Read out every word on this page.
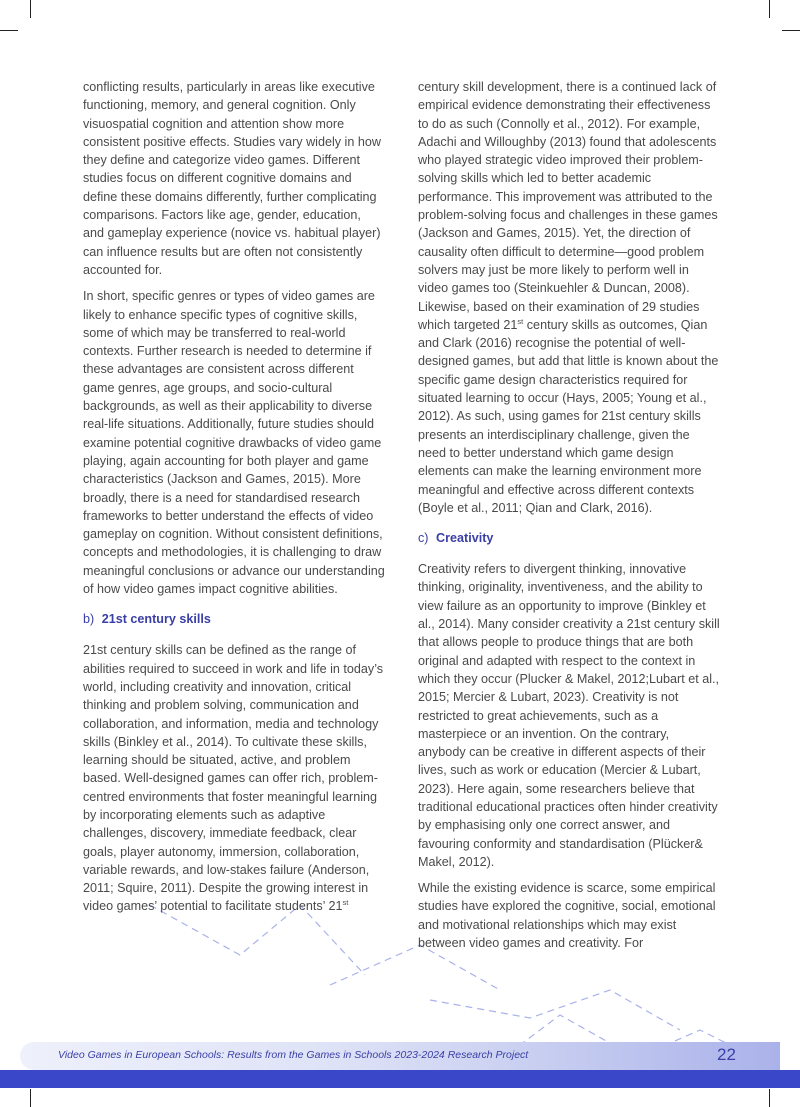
conflicting results, particularly in areas like executive functioning, memory, and general cognition. Only visuospatial cognition and attention show more consistent positive effects. Studies vary widely in how they define and categorize video games. Different studies focus on different cognitive domains and define these domains differently, further complicating comparisons. Factors like age, gender, education, and gameplay experience (novice vs. habitual player) can influence results but are often not consistently accounted for.

In short, specific genres or types of video games are likely to enhance specific types of cognitive skills, some of which may be transferred to real-world contexts. Further research is needed to determine if these advantages are consistent across different game genres, age groups, and socio-cultural backgrounds, as well as their applicability to diverse real-life situations. Additionally, future studies should examine potential cognitive drawbacks of video game playing, again accounting for both player and game characteristics (Jackson and Games, 2015). More broadly, there is a need for standardised research frameworks to better understand the effects of video gameplay on cognition. Without consistent definitions, concepts and methodologies, it is challenging to draw meaningful conclusions or advance our understanding of how video games impact cognitive abilities.

b) 21st century skills

21st century skills can be defined as the range of abilities required to succeed in work and life in today’s world, including creativity and innovation, critical thinking and problem solving, communication and collaboration, and information, media and technology skills (Binkley et al., 2014). To cultivate these skills, learning should be situated, active, and problem based. Well-designed games can offer rich, problem-centred environments that foster meaningful learning by incorporating elements such as adaptive challenges, discovery, immediate feedback, clear goals, player autonomy, immersion, collaboration, variable rewards, and low-stakes failure (Anderson, 2011; Squire, 2011). Despite the growing interest in video games’ potential to facilitate students’ 21st

century skill development, there is a continued lack of empirical evidence demonstrating their effectiveness to do as such (Connolly et al., 2012). For example, Adachi and Willoughby (2013) found that adolescents who played strategic video improved their problem-solving skills which led to better academic performance. This improvement was attributed to the problem-solving focus and challenges in these games (Jackson and Games, 2015). Yet, the direction of causality often difficult to determine—good problem solvers may just be more likely to perform well in video games too (Steinkuehler & Duncan, 2008). Likewise, based on their examination of 29 studies which targeted 21st century skills as outcomes, Qian and Clark (2016) recognise the potential of well-designed games, but add that little is known about the specific game design characteristics required for situated learning to occur (Hays, 2005; Young et al., 2012). As such, using games for 21st century skills presents an interdisciplinary challenge, given the need to better understand which game design elements can make the learning environment more meaningful and effective across different contexts (Boyle et al., 2011; Qian and Clark, 2016).

c) Creativity

Creativity refers to divergent thinking, innovative thinking, originality, inventiveness, and the ability to view failure as an opportunity to improve (Binkley et al., 2014). Many consider creativity a 21st century skill that allows people to produce things that are both original and adapted with respect to the context in which they occur (Plucker & Makel, 2012;Lubart et al., 2015; Mercier & Lubart, 2023). Creativity is not restricted to great achievements, such as a masterpiece or an invention. On the contrary, anybody can be creative in different aspects of their lives, such as work or education (Mercier & Lubart, 2023). Here again, some researchers believe that traditional educational practices often hinder creativity by emphasising only one correct answer, and favouring conformity and standardisation (Plücker& Makel, 2012).

While the existing evidence is scarce, some empirical studies have explored the cognitive, social, emotional and motivational relationships which may exist between video games and creativity. For

Video Games in European Schools: Results from the Games in Schools 2023-2024 Research Project	22
